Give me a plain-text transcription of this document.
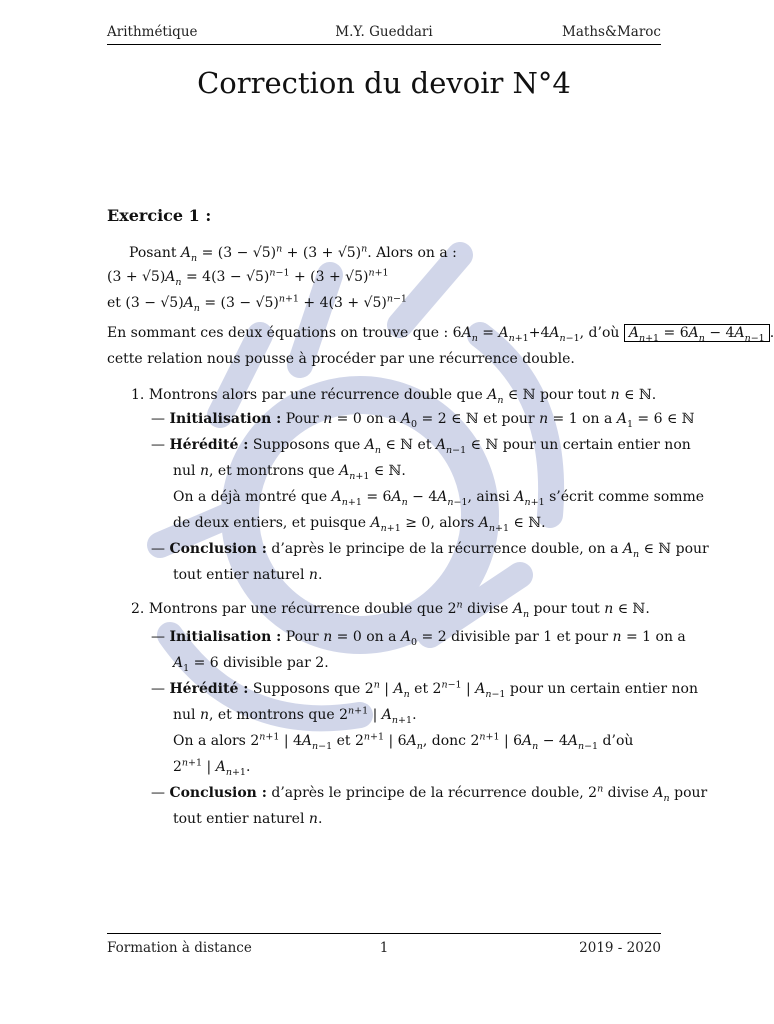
Arithmétique	M.Y. Gueddari	Maths&Maroc
Correction du devoir N°4
Exercice 1 :
Posant $A_n = (3 - √5)^n + (3 + √5)^n$. Alors on a :
$(3 + √5)A_n = 4(3 - √5)^{n-1} + (3 + √5)^{n+1}$
et $(3 - √5)A_n = (3 - √5)^{n+1} + 4(3 + √5)^{n-1}$
En sommant ces deux équations on trouve que : $6A_n = A_{n+1}+4A_{n-1}$, d’où $A_{n+1} = 6A_n - 4A_{n-1}$ .
cette relation nous pousse à procéder par une récurrence double.
1. Montrons alors par une récurrence double que $A_n$ ∈ ℕ pour tout n ∈ ℕ.
— Initialisation : Pour n = 0 on a $A_0 = 2$ ∈ ℕ et pour n = 1 on a $A_1 = 6$ ∈ ℕ
— Hérédité : Supposons que $A_n$ ∈ ℕ et $A_{n-1}$ ∈ ℕ pour un certain entier non
nul n, et montrons que $A_{n+1}$ ∈ ℕ.
On a déjà montré que $A_{n+1} = 6A_n - 4A_{n-1}$, ainsi $A_{n+1}$ s’écrit comme somme
de deux entiers, et puisque $A_{n+1} \ge 0$, alors $A_{n+1}$ ∈ ℕ.
— Conclusion : d’après le principe de la récurrence double, on a $A_n$ ∈ ℕ pour
tout entier naturel n.
2. Montrons par une récurrence double que 2$^n$ divise $A_n$ pour tout n ∈ ℕ.
— Initialisation : Pour n = 0 on a $A_0 = 2$ divisible par 1 et pour n = 1 on a
$A_1 = 6$ divisible par 2.
— Hérédité : Supposons que 2$^n$ | $A_n$ et $2^{n-1}$ | $A_{n-1}$ pour un certain entier non
nul n, et montrons que $2^{n+1}$ | $A_{n+1}$.
On a alors $2^{n+1}$ | $4A_{n-1}$ et $2^{n+1}$ | $6A_n$, donc $2^{n+1}$ | $6A_n - 4A_{n-1}$ d’où
$2^{n+1}$ | $A_{n+1}$.
— Conclusion : d’après le principe de la récurrence double, 2$^n$ divise $A_n$ pour
tout entier naturel n.
Formation à distance	1	2019 - 2020
